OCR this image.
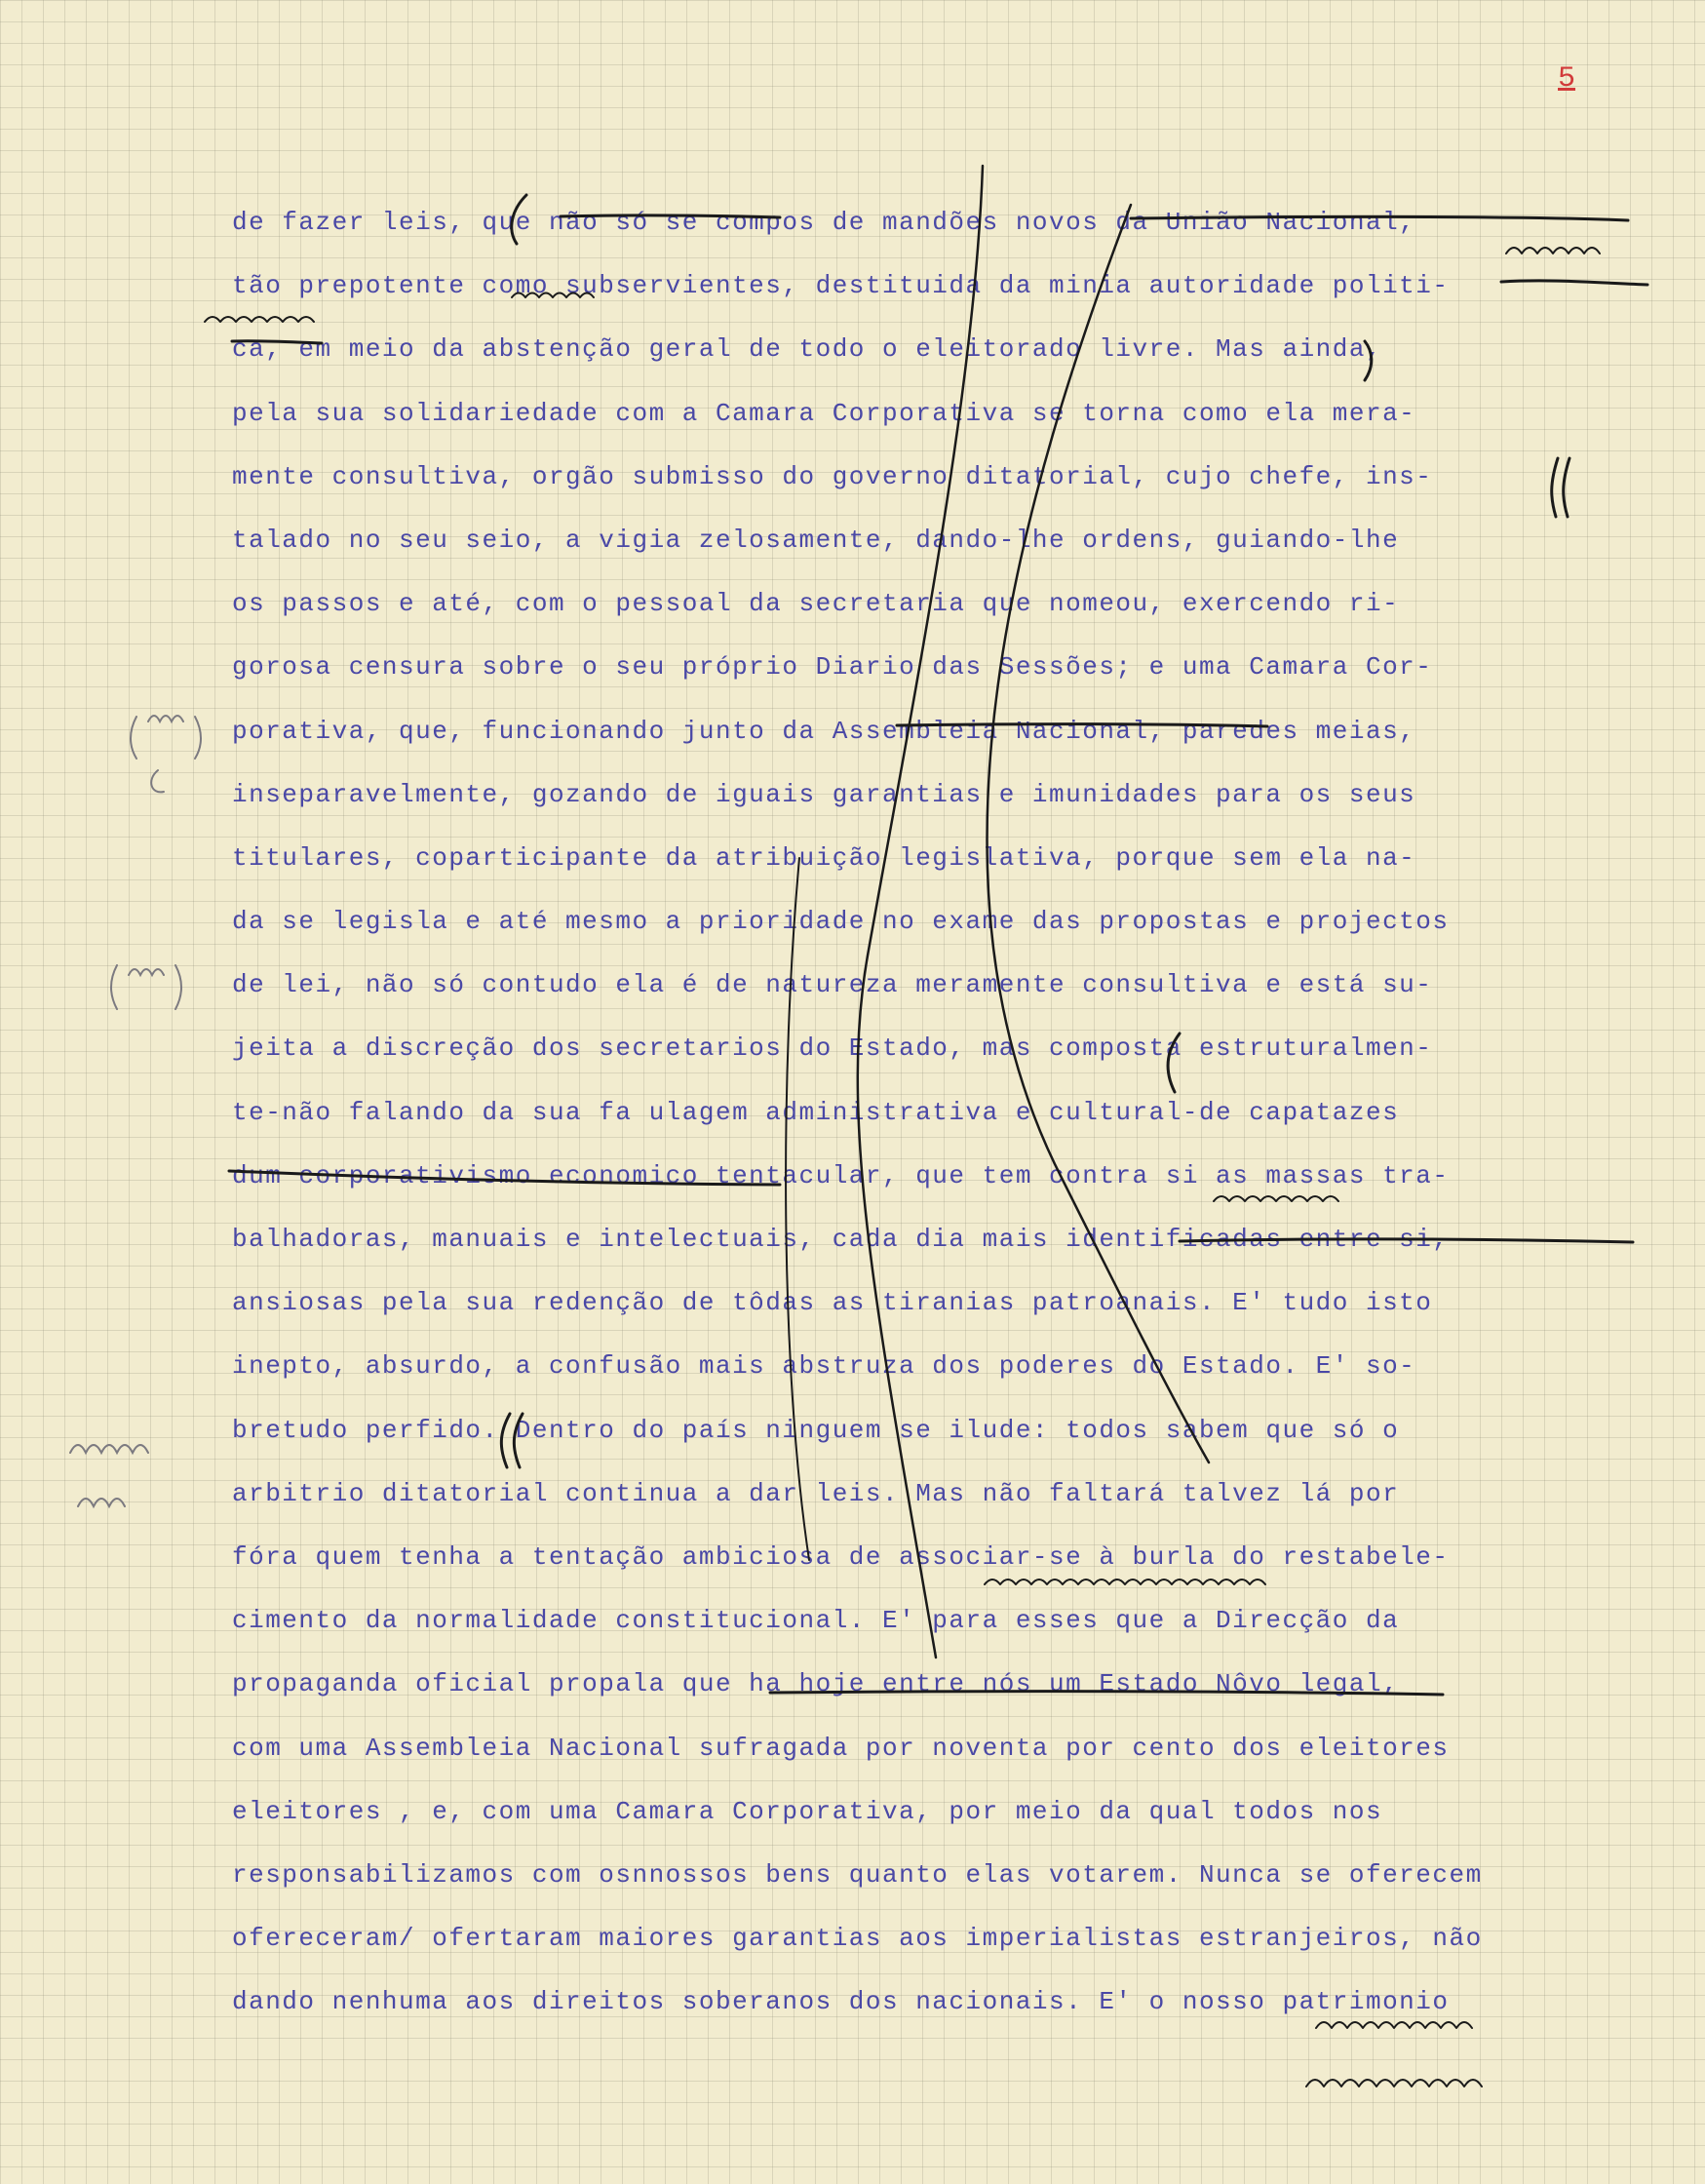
5
de fazer leis, que não só se compos de mandões novos da União Nacional,
tão prepotente como subservientes, destituida da minia autoridade politi-
ca, em meio da abstenção geral de todo o eleitorado livre. Mas ainda,
pela sua solidariedade com a Camara Corporativa se torna como ela mera-
mente consultiva, orgão submisso do governo ditatorial, cujo chefe, ins-
talado no seu seio, a vigia zelosamente, dando-lhe ordens, guiando-lhe
os passos e até, com o pessoal da secretaria que nomeou, exercendo ri-
gorosa censura sobre o seu próprio Diario das Sessões; e uma Camara Cor-
porativa, que, funcionando junto da Assembleia Nacional, paredes meias,
inseparavelmente, gozando de iguais garantias e imunidades para os seus
titulares, coparticipante da atribuição legislativa, porque sem ela na-
da se legisla e até mesmo a prioridade no exame das propostas e projectos
de lei, não só contudo ela é de natureza meramente consultiva e está su-
jeita a discreção dos secretarios do Estado, mas composta estruturalmen-
te-não falando da sua fa ulagem administrativa e cultural-de capatazes
dum corporativismo economico tentacular, que tem contra si as massas tra-
balhadoras, manuais e intelectuais, cada dia mais identificadas entre si,
ansiosas pela sua redenção de tôdas as tiranias patroanais. E' tudo isto
inepto, absurdo, a confusão mais abstruza dos poderes do Estado. E' so-
bretudo perfido. Dentro do país ninguem se ilude: todos sabem que só o
arbitrio ditatorial continua a dar leis. Mas não faltará talvez lá por
fóra quem tenha a tentação ambiciosa de associar-se à burla do restabele-
cimento da normalidade constitucional. E' para esses que a Direcção da
propaganda oficial propala que ha hoje entre nós um Estado Nôvo legal,
com uma Assembleia Nacional sufragada por noventa por cento dos eleitores
eleitores , e, com uma Camara Corporativa, por meio da qual todos nos
responsabilizamos com osnnossos bens quanto elas votarem. Nunca se oferecem
ofereceram/ ofertaram maiores garantias aos imperialistas estranjeiros, não
dando nenhuma aos direitos soberanos dos nacionais. E' o nosso patrimonio
